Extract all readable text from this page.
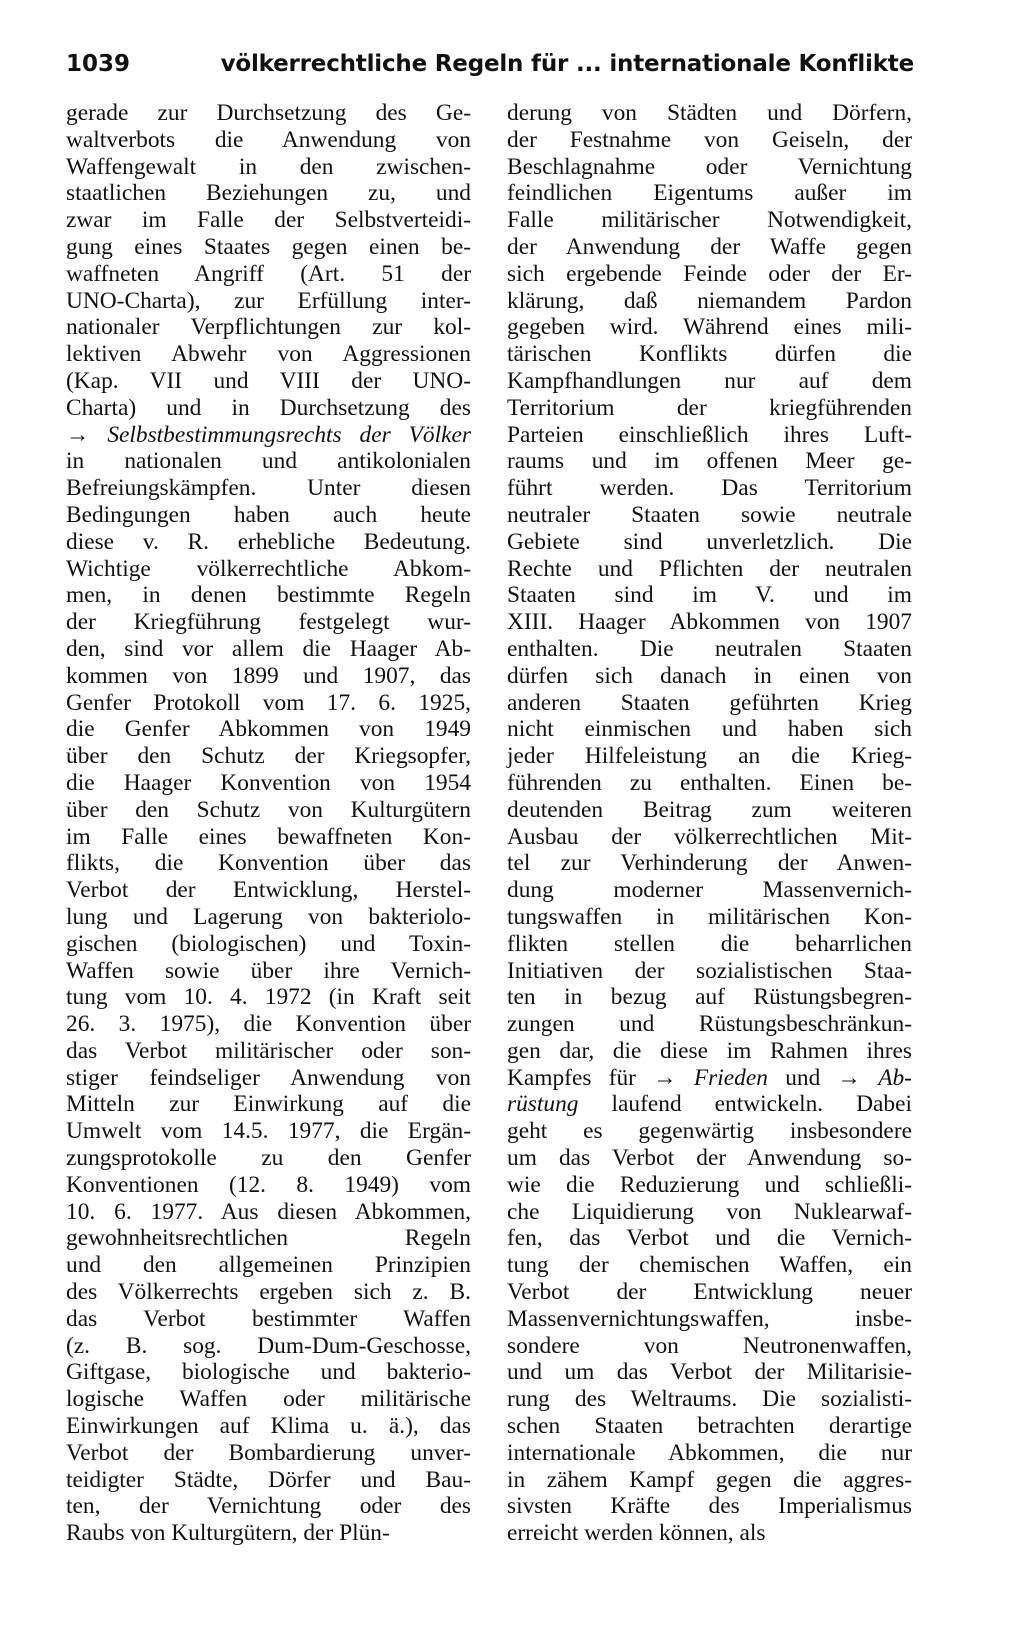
1039	völkerrechtliche Regeln für ... internationale Konflikte
gerade zur Durchsetzung des Ge-
waltverbots die Anwendung von
Waffengewalt in den zwischen-
staatlichen Beziehungen zu, und
zwar im Falle der Selbstverteidi-
gung eines Staates gegen einen be-
waffneten Angriff (Art. 51 der
UNO-Charta), zur Erfüllung inter-
nationaler Verpflichtungen zur kol-
lektiven Abwehr von Aggressionen
(Kap. VII und VIII der UNO-
Charta) und in Durchsetzung des
→ Selbstbestimmungsrechts der Völker
in nationalen und antikolonialen
Befreiungskämpfen. Unter diesen
Bedingungen haben auch heute
diese v. R. erhebliche Bedeutung.
Wichtige völkerrechtliche Abkom-
men, in denen bestimmte Regeln
der Kriegführung festgelegt wur-
den, sind vor allem die Haager Ab-
kommen von 1899 und 1907, das
Genfer Protokoll vom 17. 6. 1925,
die Genfer Abkommen von 1949
über den Schutz der Kriegsopfer,
die Haager Konvention von 1954
über den Schutz von Kulturgütern
im Falle eines bewaffneten Kon-
flikts, die Konvention über das
Verbot der Entwicklung, Herstel-
lung und Lagerung von bakteriolo-
gischen (biologischen) und Toxin-
Waffen sowie über ihre Vernich-
tung vom 10. 4. 1972 (in Kraft seit
26. 3. 1975), die Konvention über
das Verbot militärischer oder son-
stiger feindseliger Anwendung von
Mitteln zur Einwirkung auf die
Umwelt vom 14.5. 1977, die Ergän-
zungsprotokolle zu den Genfer
Konventionen (12. 8. 1949) vom
10. 6. 1977. Aus diesen Abkommen,
gewohnheitsrechtlichen Regeln
und den allgemeinen Prinzipien
des Völkerrechts ergeben sich z. B.
das Verbot bestimmter Waffen
(z. B. sog. Dum-Dum-Geschosse,
Giftgase, biologische und bakterio-
logische Waffen oder militärische
Einwirkungen auf Klima u. ä.), das
Verbot der Bombardierung unver-
teidigter Städte, Dörfer und Bau-
ten, der Vernichtung oder des
Raubs von Kulturgütern, der Plün-
derung von Städten und Dörfern,
der Festnahme von Geiseln, der
Beschlagnahme oder Vernichtung
feindlichen Eigentums außer im
Falle militärischer Notwendigkeit,
der Anwendung der Waffe gegen
sich ergebende Feinde oder der Er-
klärung, daß niemandem Pardon
gegeben wird. Während eines mili-
tärischen Konflikts dürfen die
Kampfhandlungen nur auf dem
Territorium der kriegführenden
Parteien einschließlich ihres Luft-
raums und im offenen Meer ge-
führt werden. Das Territorium
neutraler Staaten sowie neutrale
Gebiete sind unverletzlich. Die
Rechte und Pflichten der neutralen
Staaten sind im V. und im
XIII. Haager Abkommen von 1907
enthalten. Die neutralen Staaten
dürfen sich danach in einen von
anderen Staaten geführten Krieg
nicht einmischen und haben sich
jeder Hilfeleistung an die Krieg-
führenden zu enthalten. Einen be-
deutenden Beitrag zum weiteren
Ausbau der völkerrechtlichen Mit-
tel zur Verhinderung der Anwen-
dung moderner Massenvernich-
tungswaffen in militärischen Kon-
flikten stellen die beharrlichen
Initiativen der sozialistischen Staa-
ten in bezug auf Rüstungsbegren-
zungen und Rüstungsbeschränkun-
gen dar, die diese im Rahmen ihres
Kampfes für → Frieden und → Ab-
rüstung laufend entwickeln. Dabei
geht es gegenwärtig insbesondere
um das Verbot der Anwendung so-
wie die Reduzierung und schließli-
che Liquidierung von Nuklearwaf-
fen, das Verbot und die Vernich-
tung der chemischen Waffen, ein
Verbot der Entwicklung neuer
Massenvernichtungswaffen, insbe-
sondere von Neutronenwaffen,
und um das Verbot der Militarisie-
rung des Weltraums. Die sozialisti-
schen Staaten betrachten derartige
internationale Abkommen, die nur
in zähem Kampf gegen die aggres-
sivsten Kräfte des Imperialismus
erreicht werden können, als
